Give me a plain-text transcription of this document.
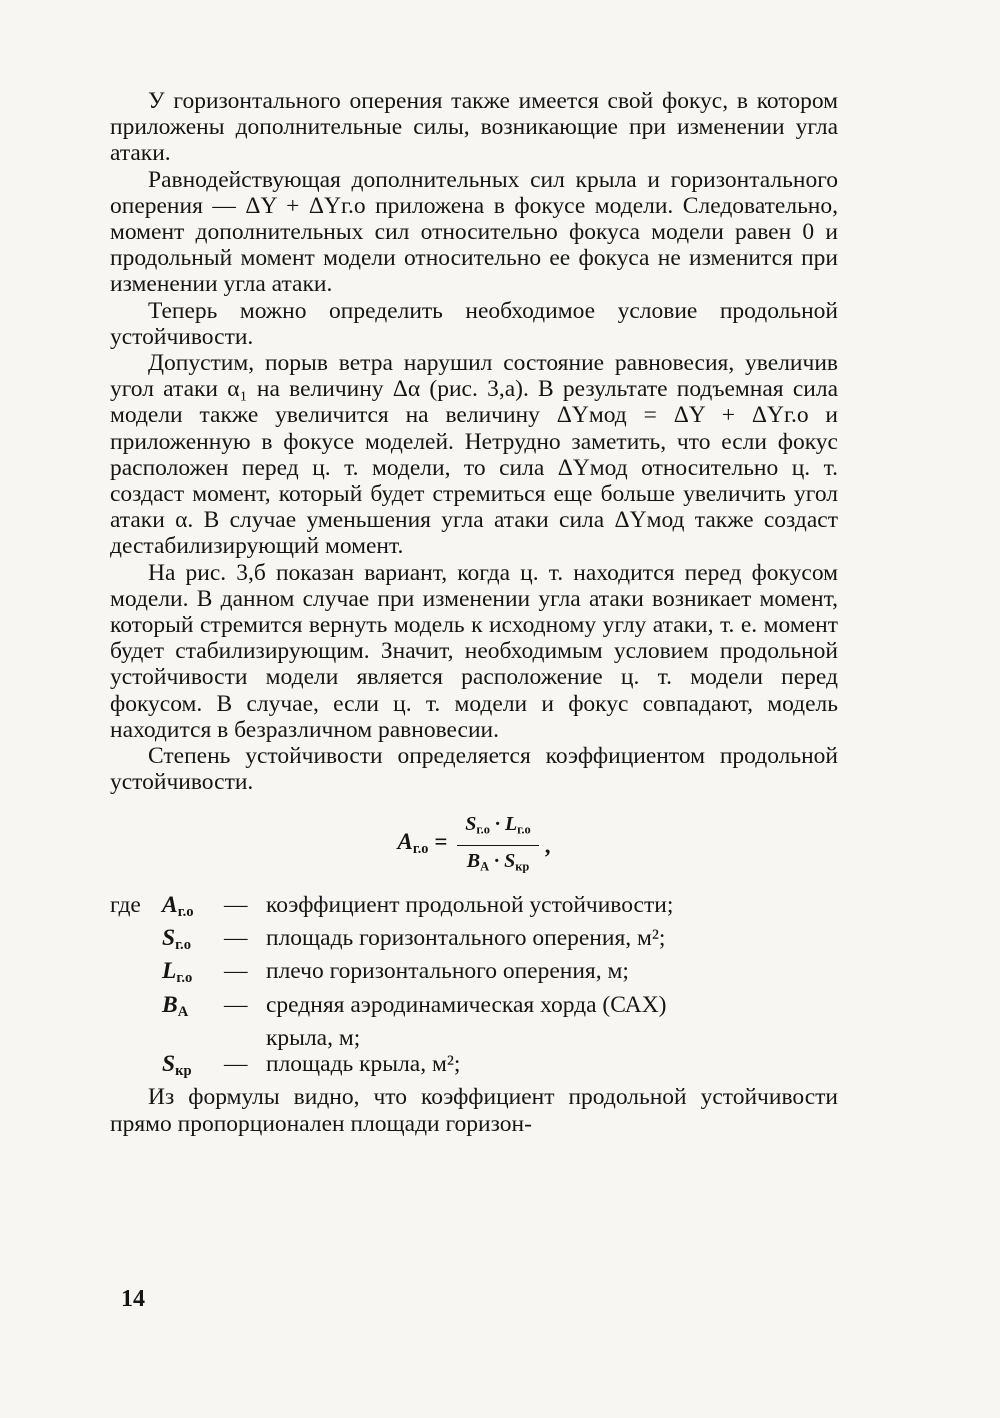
У горизонтального оперения также имеется свой фокус, в котором приложены дополнительные силы, возникающие при изменении угла атаки.

Равнодействующая дополнительных сил крыла и горизонтального оперения — ΔY + ΔYг.о приложена в фокусе модели. Следовательно, момент дополнительных сил относительно фокуса модели равен 0 и продольный момент модели относительно ее фокуса не изменится при изменении угла атаки.

Теперь можно определить необходимое условие продольной устойчивости.

Допустим, порыв ветра нарушил состояние равновесия, увеличив угол атаки α₁ на величину Δα (рис. 3,а). В результате подъемная сила модели также увеличится на величину ΔYмод = ΔY + ΔYг.о и приложенную в фокусе моделей. Нетрудно заметить, что если фокус расположен перед ц. т. модели, то сила ΔYмод относительно ц. т. создаст момент, который будет стремиться еще больше увеличить угол атаки α. В случае уменьшения угла атаки сила ΔYмод также создаст дестабилизирующий момент.

На рис. 3,б показан вариант, когда ц. т. находится перед фокусом модели. В данном случае при изменении угла атаки возникает момент, который стремится вернуть модель к исходному углу атаки, т. е. момент будет стабилизирующим. Значит, необходимым условием продольной устойчивости модели является расположение ц. т. модели перед фокусом. В случае, если ц. т. модели и фокус совпадают, модель находится в безразличном равновесии.

Степень устойчивости определяется коэффициентом продольной устойчивости.

$A_{г.о} = \frac{S_{г.о} \cdot L_{г.о}}{B_A \cdot S_{кр}}$ ,
где $A_{г.о}$	— коэффициент продольной устойчивости;
$S_{г.о}$	— площадь горизонтального оперения, м²;
$L_{г.о}$	— плечо горизонтального оперения, м;
$B_A$	— средняя аэродинамическая хорда (САХ)
крыла, м;
$S_{кр}$	— площадь крыла, м²;

Из формулы видно, что коэффициент продольной устойчивости прямо пропорционален площади горизон-

14
